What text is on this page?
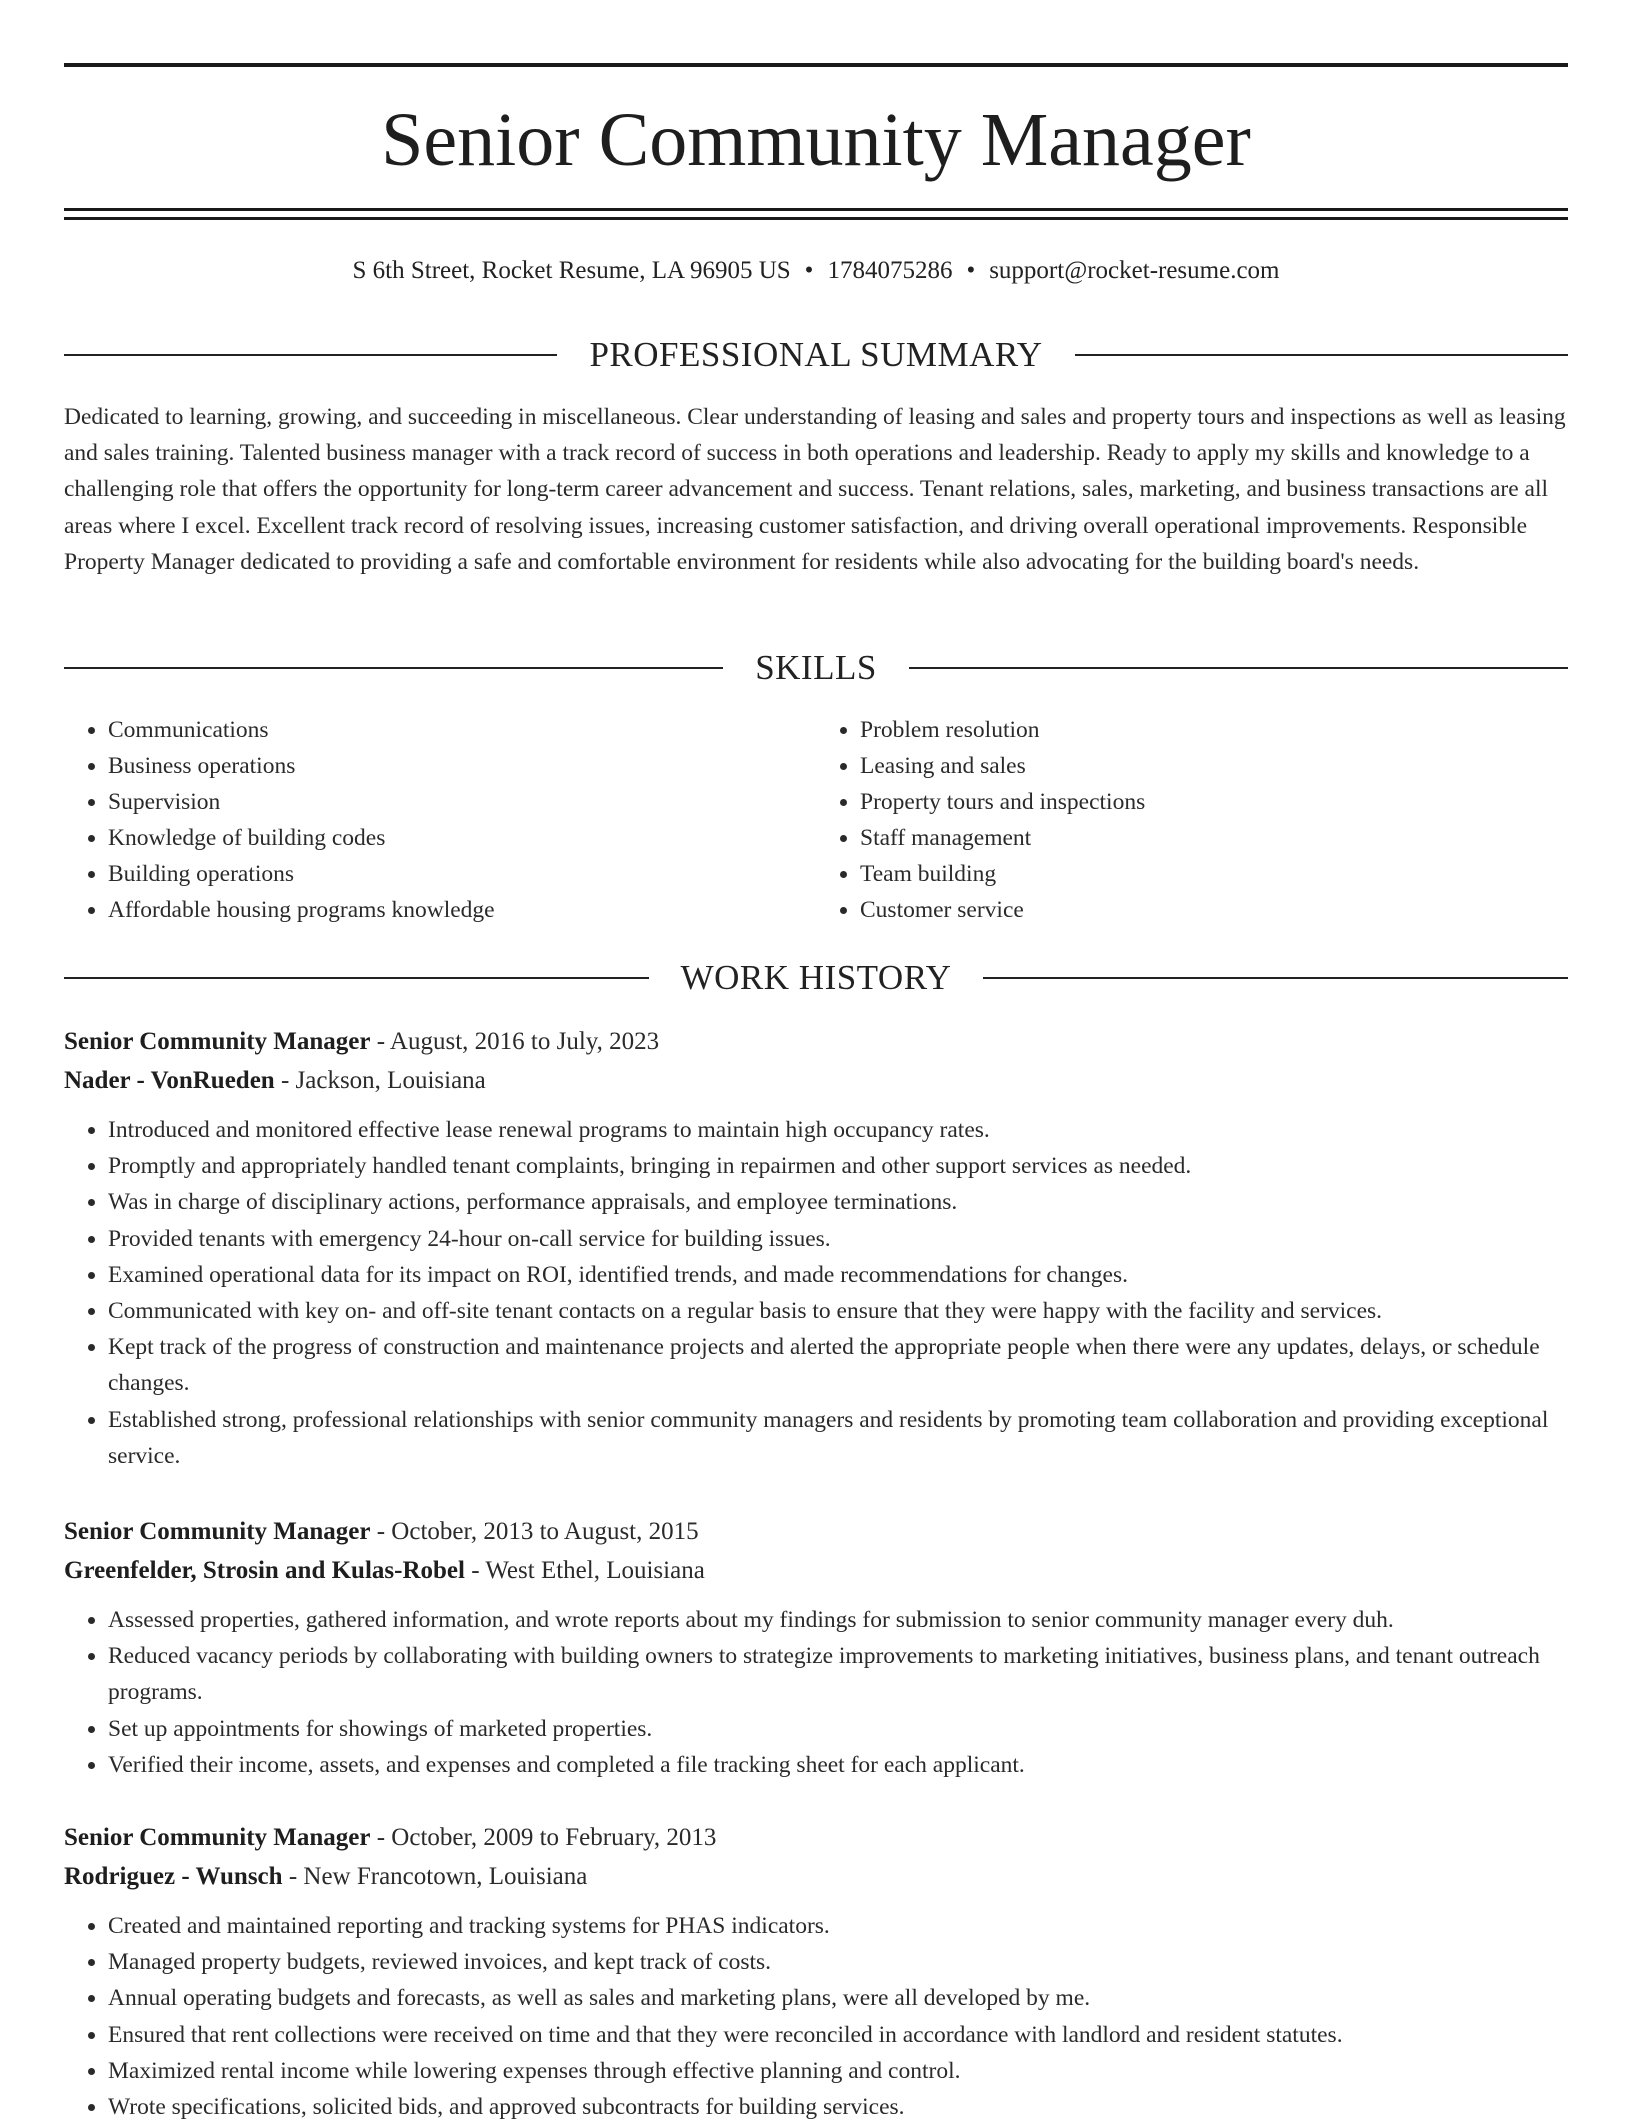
Senior Community Manager
S 6th Street, Rocket Resume, LA 96905 US • 1784075286 • support@rocket-resume.com
PROFESSIONAL SUMMARY

Dedicated to learning, growing, and succeeding in miscellaneous. Clear understanding of leasing and sales and property tours and inspections as well as leasing and sales training. Talented business manager with a track record of success in both operations and leadership. Ready to apply my skills and knowledge to a challenging role that offers the opportunity for long-term career advancement and success. Tenant relations, sales, marketing, and business transactions are all areas where I excel. Excellent track record of resolving issues, increasing customer satisfaction, and driving overall operational improvements. Responsible Property Manager dedicated to providing a safe and comfortable environment for residents while also advocating for the building board's needs.

SKILLS
• Communications
• Business operations
• Supervision
• Knowledge of building codes
• Building operations
• Affordable housing programs knowledge
• Problem resolution
• Leasing and sales
• Property tours and inspections
• Staff management
• Team building
• Customer service
WORK HISTORY
Senior Community Manager - August, 2016 to July, 2023
Nader - VonRueden - Jackson, Louisiana
• Introduced and monitored effective lease renewal programs to maintain high occupancy rates.
• Promptly and appropriately handled tenant complaints, bringing in repairmen and other support services as needed.
• Was in charge of disciplinary actions, performance appraisals, and employee terminations.
• Provided tenants with emergency 24-hour on-call service for building issues.
• Examined operational data for its impact on ROI, identified trends, and made recommendations for changes.
• Communicated with key on- and off-site tenant contacts on a regular basis to ensure that they were happy with the facility and services.
• Kept track of the progress of construction and maintenance projects and alerted the appropriate people when there were any updates, delays, or schedule changes.
• Established strong, professional relationships with senior community managers and residents by promoting team collaboration and providing exceptional service.
Senior Community Manager - October, 2013 to August, 2015
Greenfelder, Strosin and Kulas-Robel - West Ethel, Louisiana
• Assessed properties, gathered information, and wrote reports about my findings for submission to senior community manager every duh.
• Reduced vacancy periods by collaborating with building owners to strategize improvements to marketing initiatives, business plans, and tenant outreach programs.
• Set up appointments for showings of marketed properties.
• Verified their income, assets, and expenses and completed a file tracking sheet for each applicant.
Senior Community Manager - October, 2009 to February, 2013
Rodriguez - Wunsch - New Francotown, Louisiana
• Created and maintained reporting and tracking systems for PHAS indicators.
• Managed property budgets, reviewed invoices, and kept track of costs.
• Annual operating budgets and forecasts, as well as sales and marketing plans, were all developed by me.
• Ensured that rent collections were received on time and that they were reconciled in accordance with landlord and resident statutes.
• Maximized rental income while lowering expenses through effective planning and control.
• Wrote specifications, solicited bids, and approved subcontracts for building services.
